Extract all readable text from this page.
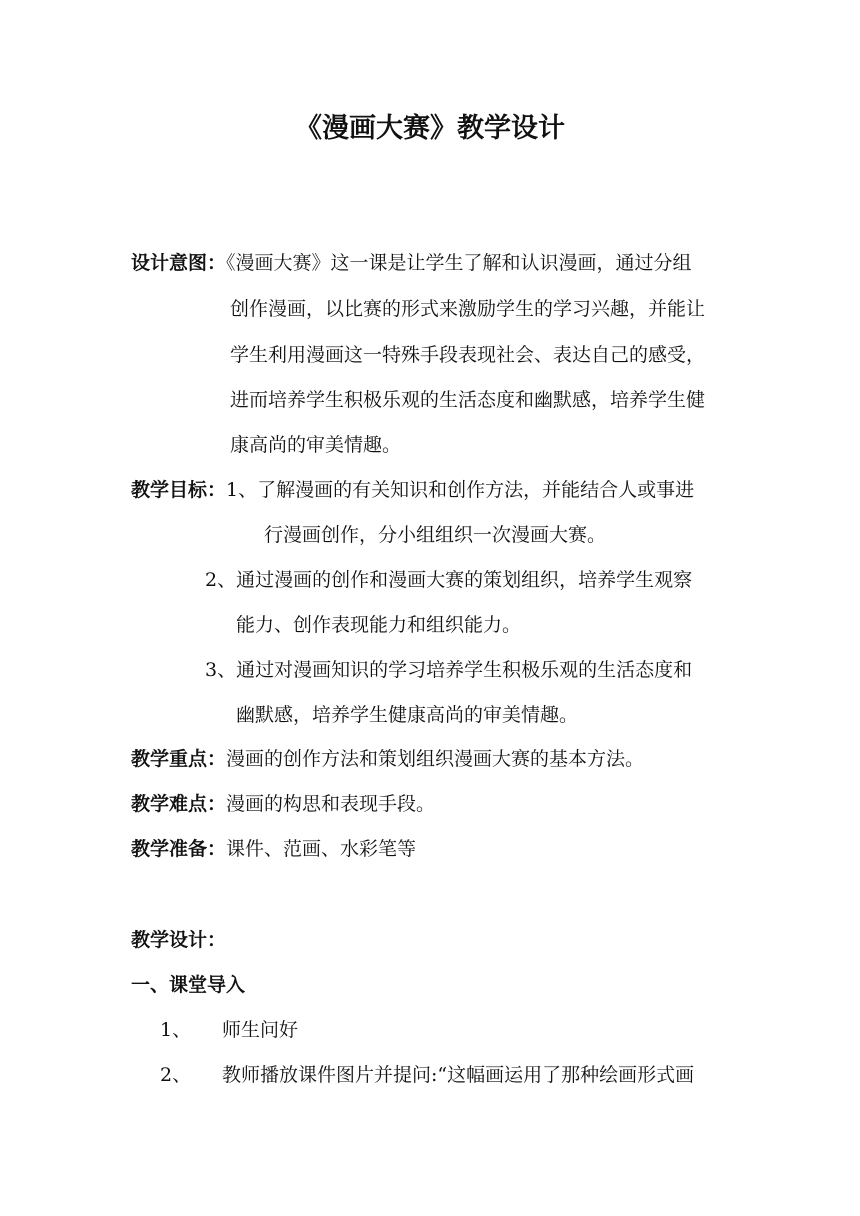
《漫画大赛》教学设计
设计意图：《漫画大赛》这一课是让学生了解和认识漫画，通过分组
创作漫画，以比赛的形式来激励学生的学习兴趣，并能让
学生利用漫画这一特殊手段表现社会、表达自己的感受，
进而培养学生积极乐观的生活态度和幽默感，培养学生健
康高尚的审美情趣。
教学目标：1、了解漫画的有关知识和创作方法，并能结合人或事进
行漫画创作，分小组组织一次漫画大赛。
2、通过漫画的创作和漫画大赛的策划组织，培养学生观察
能力、创作表现能力和组织能力。
3、通过对漫画知识的学习培养学生积极乐观的生活态度和
幽默感，培养学生健康高尚的审美情趣。
教学重点：漫画的创作方法和策划组织漫画大赛的基本方法。
教学难点：漫画的构思和表现手段。
教学准备：课件、范画、水彩笔等
教学设计：
一、课堂导入
1、 师生问好
2、 教师播放课件图片并提问:“这幅画运用了那种绘画形式画
